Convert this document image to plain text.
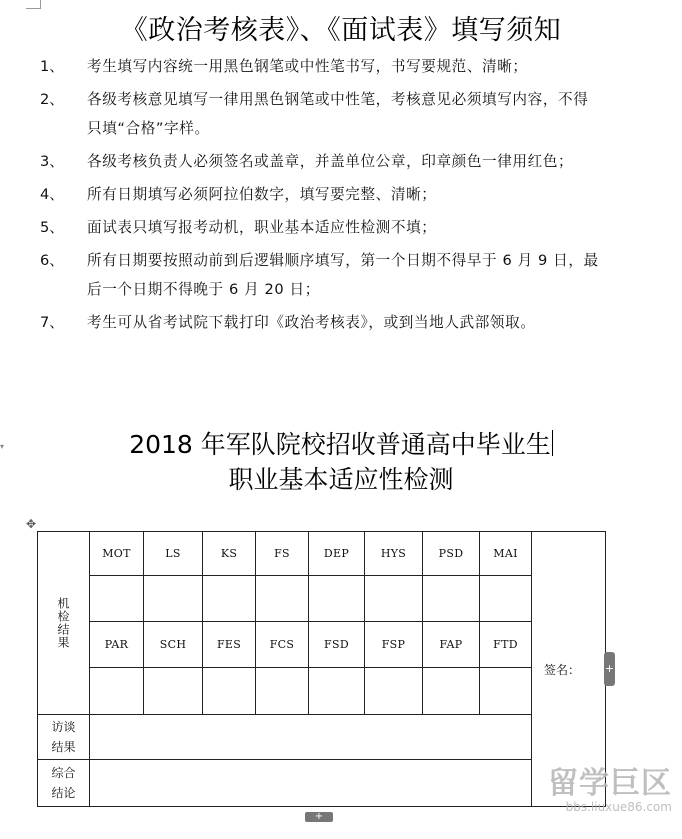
《政治考核表》、《面试表》填写须知
1、	考生填写内容统一用黑色钢笔或中性笔书写，书写要规范、清晰；
2、	各级考核意见填写一律用黑色钢笔或中性笔，考核意见必须填写内容，不得只填“合格”字样。
3、	各级考核负责人必须签名或盖章，并盖单位公章，印章颜色一律用红色；
4、	所有日期填写必须阿拉伯数字，填写要完整、清晰；
5、	面试表只填写报考动机，职业基本适应性检测不填；
6、	所有日期要按照动前到后逻辑顺序填写，第一个日期不得早于 6 月 9 日，最后一个日期不得晚于 6 月 20 日；
7、	考生可从省考试院下载打印《政治考核表》，或到当地人武部领取。
▾	2018 年军队院校招收普通高中毕业生
职业基本适应性检测
✥
机检结果	MOT	LS	KS	FS	DEP	HYS	PSD	MAI	签名：

	PAR	SCH	FES	FCS	FSD	FSP	FAP	FTD	

访谈结果									

综合结论									

+
+
留学巨区
bbs.liuxue86.com
